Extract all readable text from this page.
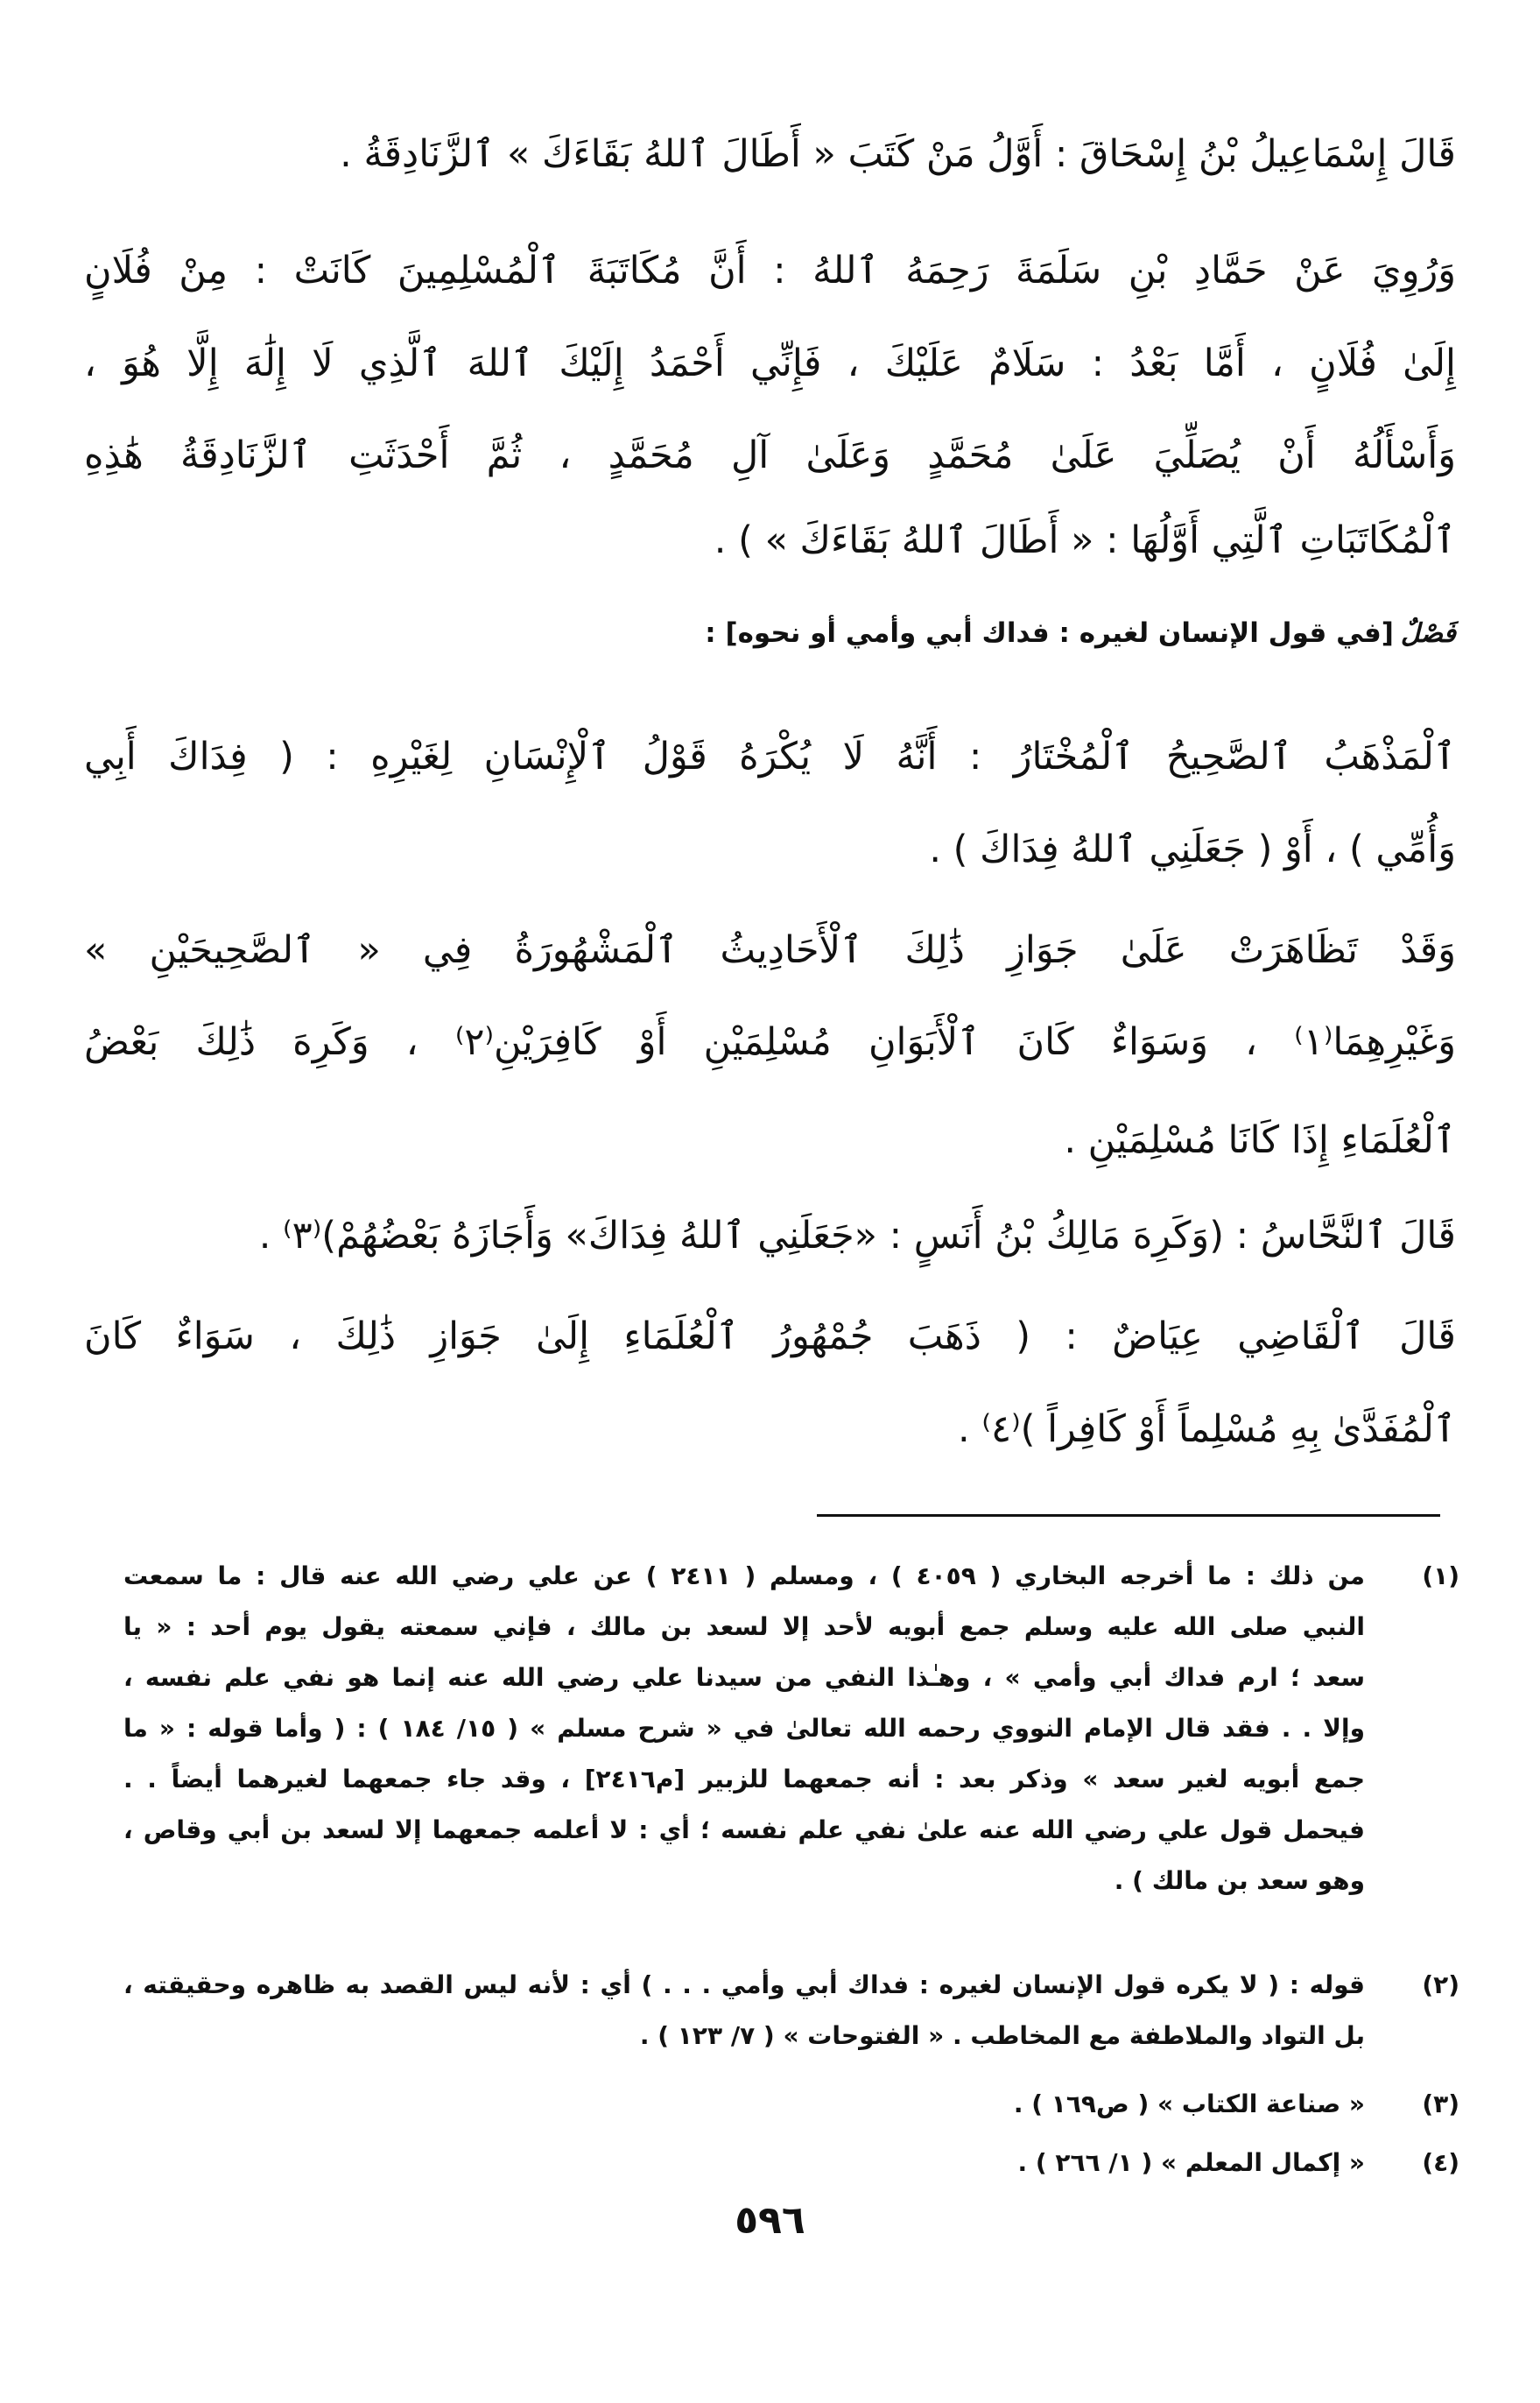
قَالَ إِسْمَاعِيلُ بْنُ إِسْحَاقَ : أَوَّلُ مَنْ كَتَبَ « أَطَالَ ٱللهُ بَقَاءَكَ » ٱلزَّنَادِقَةُ .
وَرُوِيَ عَنْ حَمَّادِ بْنِ سَلَمَةَ رَحِمَهُ ٱللهُ : أَنَّ مُكَاتَبَةَ ٱلْمُسْلِمِينَ كَانَتْ : مِنْ فُلَانٍ
إِلَىٰ فُلَانٍ ، أَمَّا بَعْدُ : سَلَامٌ عَلَيْكَ ، فَإِنِّي أَحْمَدُ إِلَيْكَ ٱللهَ ٱلَّذِي لَا إِلَٰهَ إِلَّا هُوَ ،
وَأَسْأَلُهُ أَنْ يُصَلِّيَ عَلَىٰ مُحَمَّدٍ وَعَلَىٰ آلِ مُحَمَّدٍ ، ثُمَّ أَحْدَثَتِ ٱلزَّنَادِقَةُ هَٰذِهِ
ٱلْمُكَاتَبَاتِ ٱلَّتِي أَوَّلُهَا : « أَطَالَ ٱللهُ بَقَاءَكَ » ) .
فَصْلٌ[في قول الإنسان لغيره : فداك أبي وأمي أو نحوه] :
ٱلْمَذْهَبُ ٱلصَّحِيحُ ٱلْمُخْتَارُ : أَنَّهُ لَا يُكْرَهُ قَوْلُ ٱلْإِنْسَانِ لِغَيْرِهِ : ( فِدَاكَ أَبِي
وَأُمِّي ) ، أَوْ ( جَعَلَنِي ٱللهُ فِدَاكَ ) .
وَقَدْ تَظَاهَرَتْ عَلَىٰ جَوَازِ ذَٰلِكَ ٱلْأَحَادِيثُ ٱلْمَشْهُورَةُ فِي « ٱلصَّحِيحَيْنِ »
وَغَيْرِهِمَا⁽١⁾ ، وَسَوَاءٌ كَانَ ٱلْأَبَوَانِ مُسْلِمَيْنِ أَوْ كَافِرَيْنِ⁽٢⁾ ، وَكَرِهَ ذَٰلِكَ بَعْضُ
ٱلْعُلَمَاءِ إِذَا كَانَا مُسْلِمَيْنِ .
قَالَ ٱلنَّحَّاسُ : (وَكَرِهَ مَالِكُ بْنُ أَنَسٍ : «جَعَلَنِي ٱللهُ فِدَاكَ» وَأَجَازَهُ بَعْضُهُمْ)⁽٣⁾ .
قَالَ ٱلْقَاضِي عِيَاضٌ : ( ذَهَبَ جُمْهُورُ ٱلْعُلَمَاءِ إِلَىٰ جَوَازِ ذَٰلِكَ ، سَوَاءٌ كَانَ
ٱلْمُفَدَّىٰ بِهِ مُسْلِماً أَوْ كَافِراً )⁽٤⁾ .
(١)
من ذلك : ما أخرجه البخاري ( ٤٠٥٩ ) ، ومسلم ( ٢٤١١ ) عن علي رضي الله عنه قال : ما سمعت
النبي صلى الله عليه وسلم جمع أبويه لأحد إلا لسعد بن مالك ، فإني سمعته يقول يوم أحد : « يا
سعد ؛ ارم فداك أبي وأمي » ، وهـٰذا النفي من سيدنا علي رضي الله عنه إنما هو نفي علم نفسه ،
وإلا . . فقد قال الإمام النووي رحمه الله تعالىٰ في « شرح مسلم » ( ١٥/ ١٨٤ ) : ( وأما قوله : « ما
جمع أبويه لغير سعد » وذكر بعد : أنه جمعهما للزبير [م٢٤١٦] ، وقد جاء جمعهما لغيرهما أيضاً . .
فيحمل قول علي رضي الله عنه علىٰ نفي علم نفسه ؛ أي : لا أعلمه جمعهما إلا لسعد بن أبي وقاص ،
وهو سعد بن مالك ) .
(٢)
قوله : ( لا يكره قول الإنسان لغيره : فداك أبي وأمي . . . ) أي : لأنه ليس القصد به ظاهره وحقيقته ،
بل التواد والملاطفة مع المخاطب . « الفتوحات » ( ٧/ ١٢٣ ) .
(٣)
« صناعة الكتاب » ( ص١٦٩ ) .
(٤)
« إكمال المعلم » ( ١/ ٢٦٦ ) .
٥٩٦
